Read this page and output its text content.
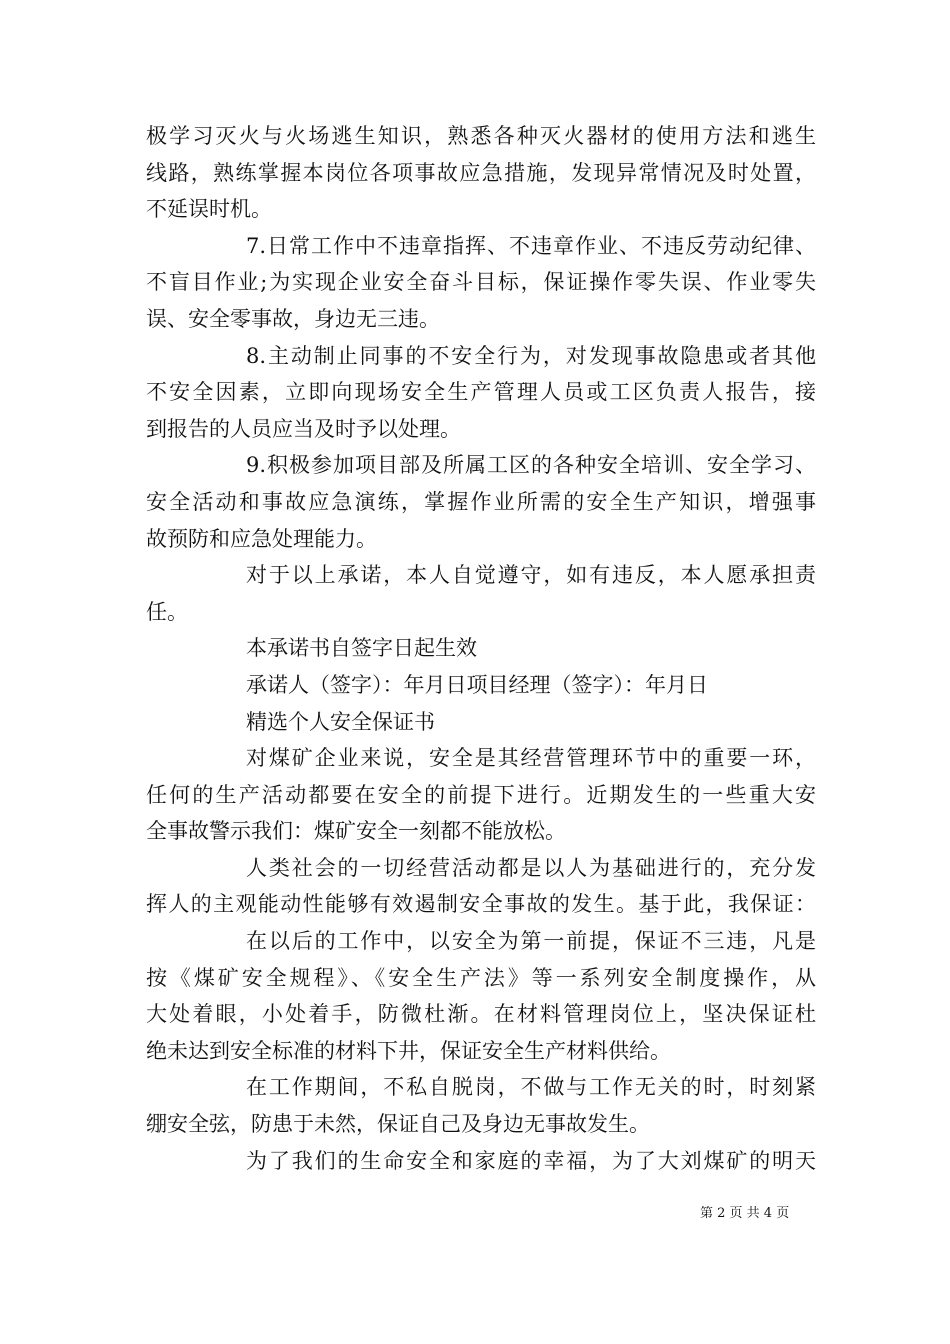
极学习灭火与火场逃生知识，熟悉各种灭火器材的使用方法和逃生
线路，熟练掌握本岗位各项事故应急措施，发现异常情况及时处置，
不延误时机。
7.日常工作中不违章指挥、不违章作业、不违反劳动纪律、
不盲目作业;为实现企业安全奋斗目标，保证操作零失误、作业零失
误、安全零事故，身边无三违。
8.主动制止同事的不安全行为，对发现事故隐患或者其他
不安全因素，立即向现场安全生产管理人员或工区负责人报告，接
到报告的人员应当及时予以处理。
9.积极参加项目部及所属工区的各种安全培训、安全学习、
安全活动和事故应急演练，掌握作业所需的安全生产知识，增强事
故预防和应急处理能力。
对于以上承诺，本人自觉遵守，如有违反，本人愿承担责
任。
本承诺书自签字日起生效
承诺人（签字）：年月日项目经理（签字）：年月日
精选个人安全保证书
对煤矿企业来说，安全是其经营管理环节中的重要一环，
任何的生产活动都要在安全的前提下进行。近期发生的一些重大安
全事故警示我们：煤矿安全一刻都不能放松。
人类社会的一切经营活动都是以人为基础进行的，充分发
挥人的主观能动性能够有效遏制安全事故的发生。基于此，我保证：
在以后的工作中，以安全为第一前提，保证不三违，凡是
按《煤矿安全规程》、《安全生产法》等一系列安全制度操作，从
大处着眼，小处着手，防微杜渐。在材料管理岗位上，坚决保证杜
绝未达到安全标准的材料下井，保证安全生产材料供给。
在工作期间，不私自脱岗，不做与工作无关的时，时刻紧
绷安全弦，防患于未然，保证自己及身边无事故发生。
为了我们的生命安全和家庭的幸福，为了大刘煤矿的明天
第 2 页 共 4 页
